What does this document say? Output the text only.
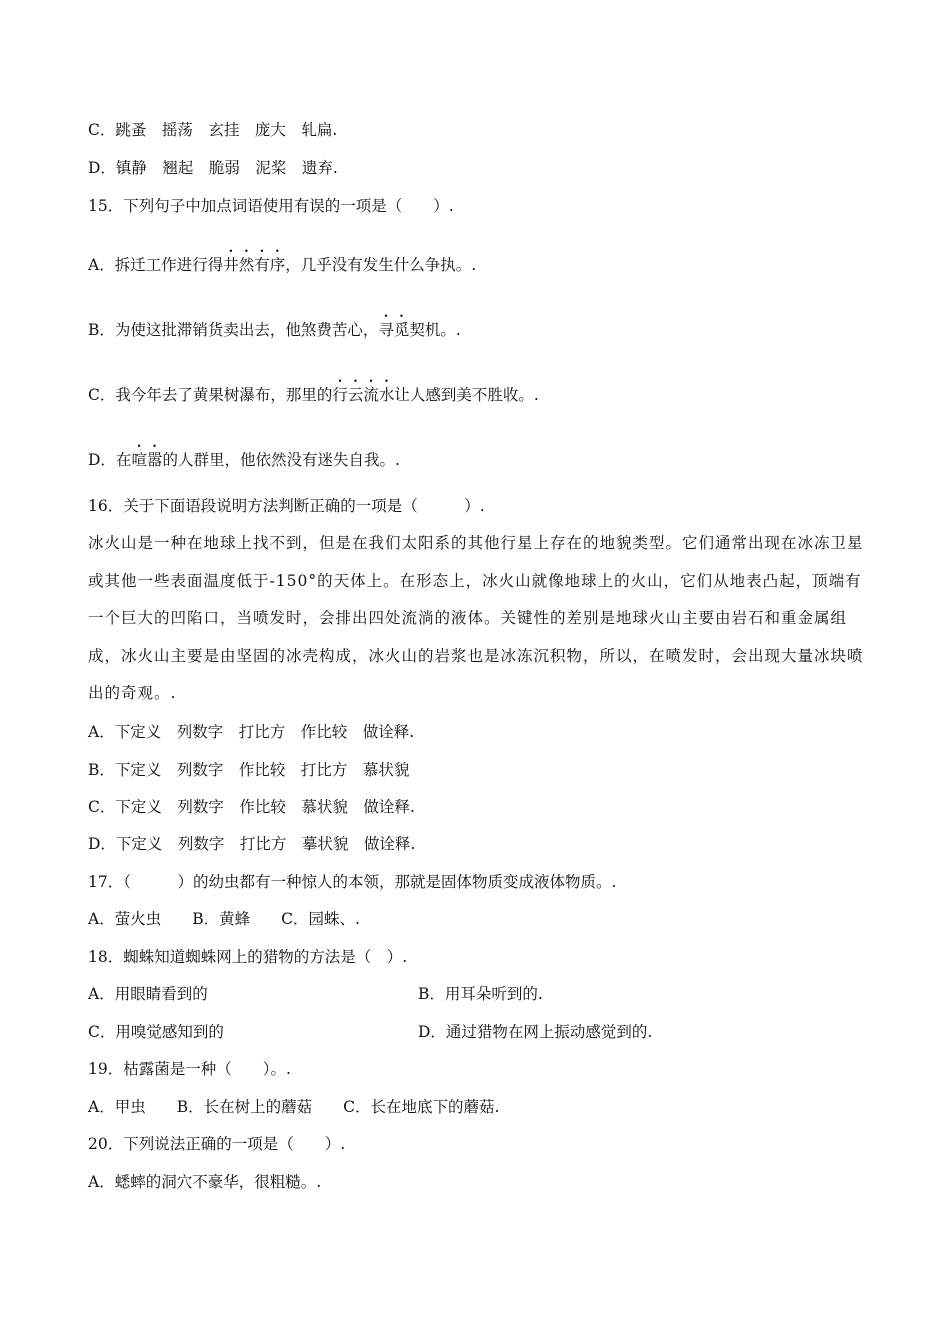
C．跳蚤　摇荡　玄挂　庞大　轧扁.
D．镇静　翘起　脆弱　泥桨　遗弃.
15．下列句子中加点词语使用有误的一项是（　　）.
A．拆迁工作进行得井然有序，几乎没有发生什么争执。.
B．为使这批滞销货卖出去，他煞费苦心，寻觅契机。.
C．我今年去了黄果树瀑布，那里的行云流水让人感到美不胜收。.
D．在喧嚣的人群里，他依然没有迷失自我。.
16．关于下面语段说明方法判断正确的一项是（　　　）.
冰火山是一种在地球上找不到，但是在我们太阳系的其他行星上存在的地貌类型。它们通常出现在冰冻卫星或其他一些表面温度低于-150°的天体上。在形态上，冰火山就像地球上的火山，它们从地表凸起，顶端有一个巨大的凹陷口，当喷发时，会排出四处流淌的液体。关键性的差别是地球火山主要由岩石和重金属组成，冰火山主要是由坚固的冰壳构成，冰火山的岩浆也是冰冻沉积物，所以，在喷发时，会出现大量冰块喷出的奇观。.
A．下定义　列数字　打比方　作比较　做诠释.
B．下定义　列数字　作比较　打比方　慕状貌
C．下定义　列数字　作比较　慕状貌　做诠释.
D．下定义　列数字　打比方　摹状貌　做诠释.
17．（　　　）的幼虫都有一种惊人的本领，那就是固体物质变成液体物质。.
A．萤火虫　　B．黄蜂　　C．园蛛、.
18．蜘蛛知道蜘蛛网上的猎物的方法是（　）.
A．用眼睛看到的	B．用耳朵听到的.
C．用嗅觉感知到的	D．通过猎物在网上振动感觉到的.
19．枯露菌是一种（　　）。.
A．甲虫　　B．长在树上的蘑菇　　C．长在地底下的蘑菇.
20．下列说法正确的一项是（　　）.
A．蟋蟀的洞穴不豪华，很粗糙。.
